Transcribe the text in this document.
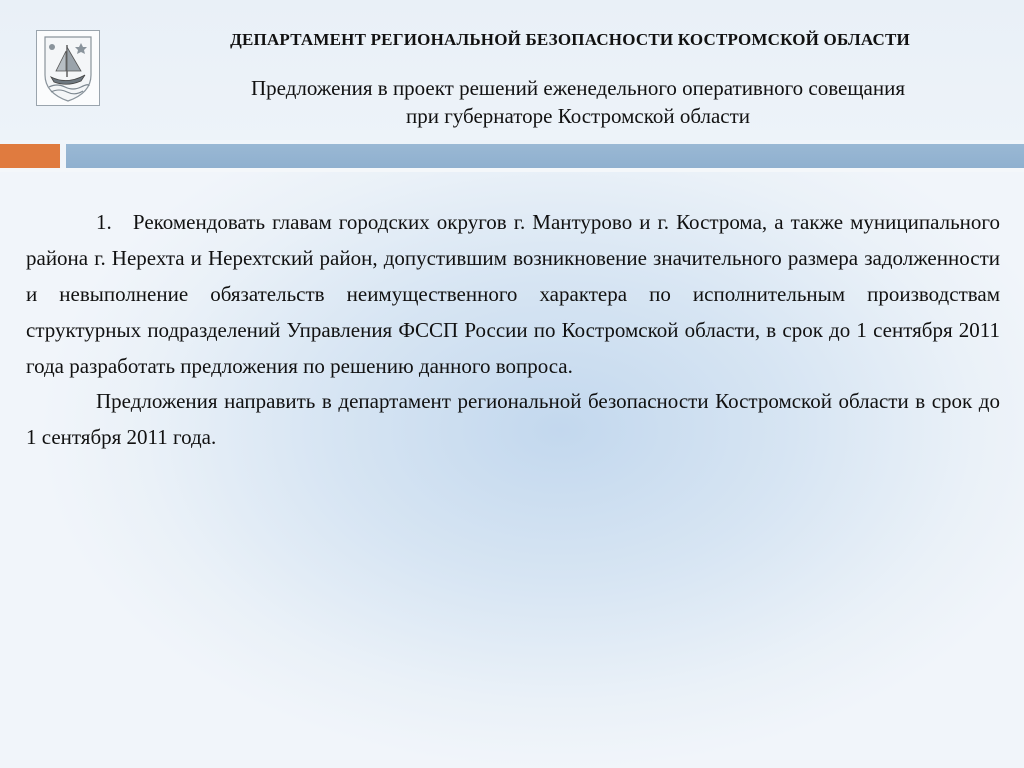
ДЕПАРТАМЕНТ РЕГИОНАЛЬНОЙ БЕЗОПАСНОСТИ КОСТРОМСКОЙ ОБЛАСТИ
Предложения в проект решений еженедельного оперативного совещания
при губернаторе Костромской области

1. Рекомендовать главам городских округов г. Мантурово и г. Кострома, а также муниципального района г. Нерехта и Нерехтский район, допустившим возникновение значительного размера задолженности и невыполнение обязательств неимущественного характера по исполнительным производствам структурных подразделений Управления ФССП России по Костромской области, в срок до 1 сентября 2011 года разработать предложения по решению данного вопроса.

Предложения направить в департамент региональной безопасности Костромской области в срок до 1 сентября 2011 года.
